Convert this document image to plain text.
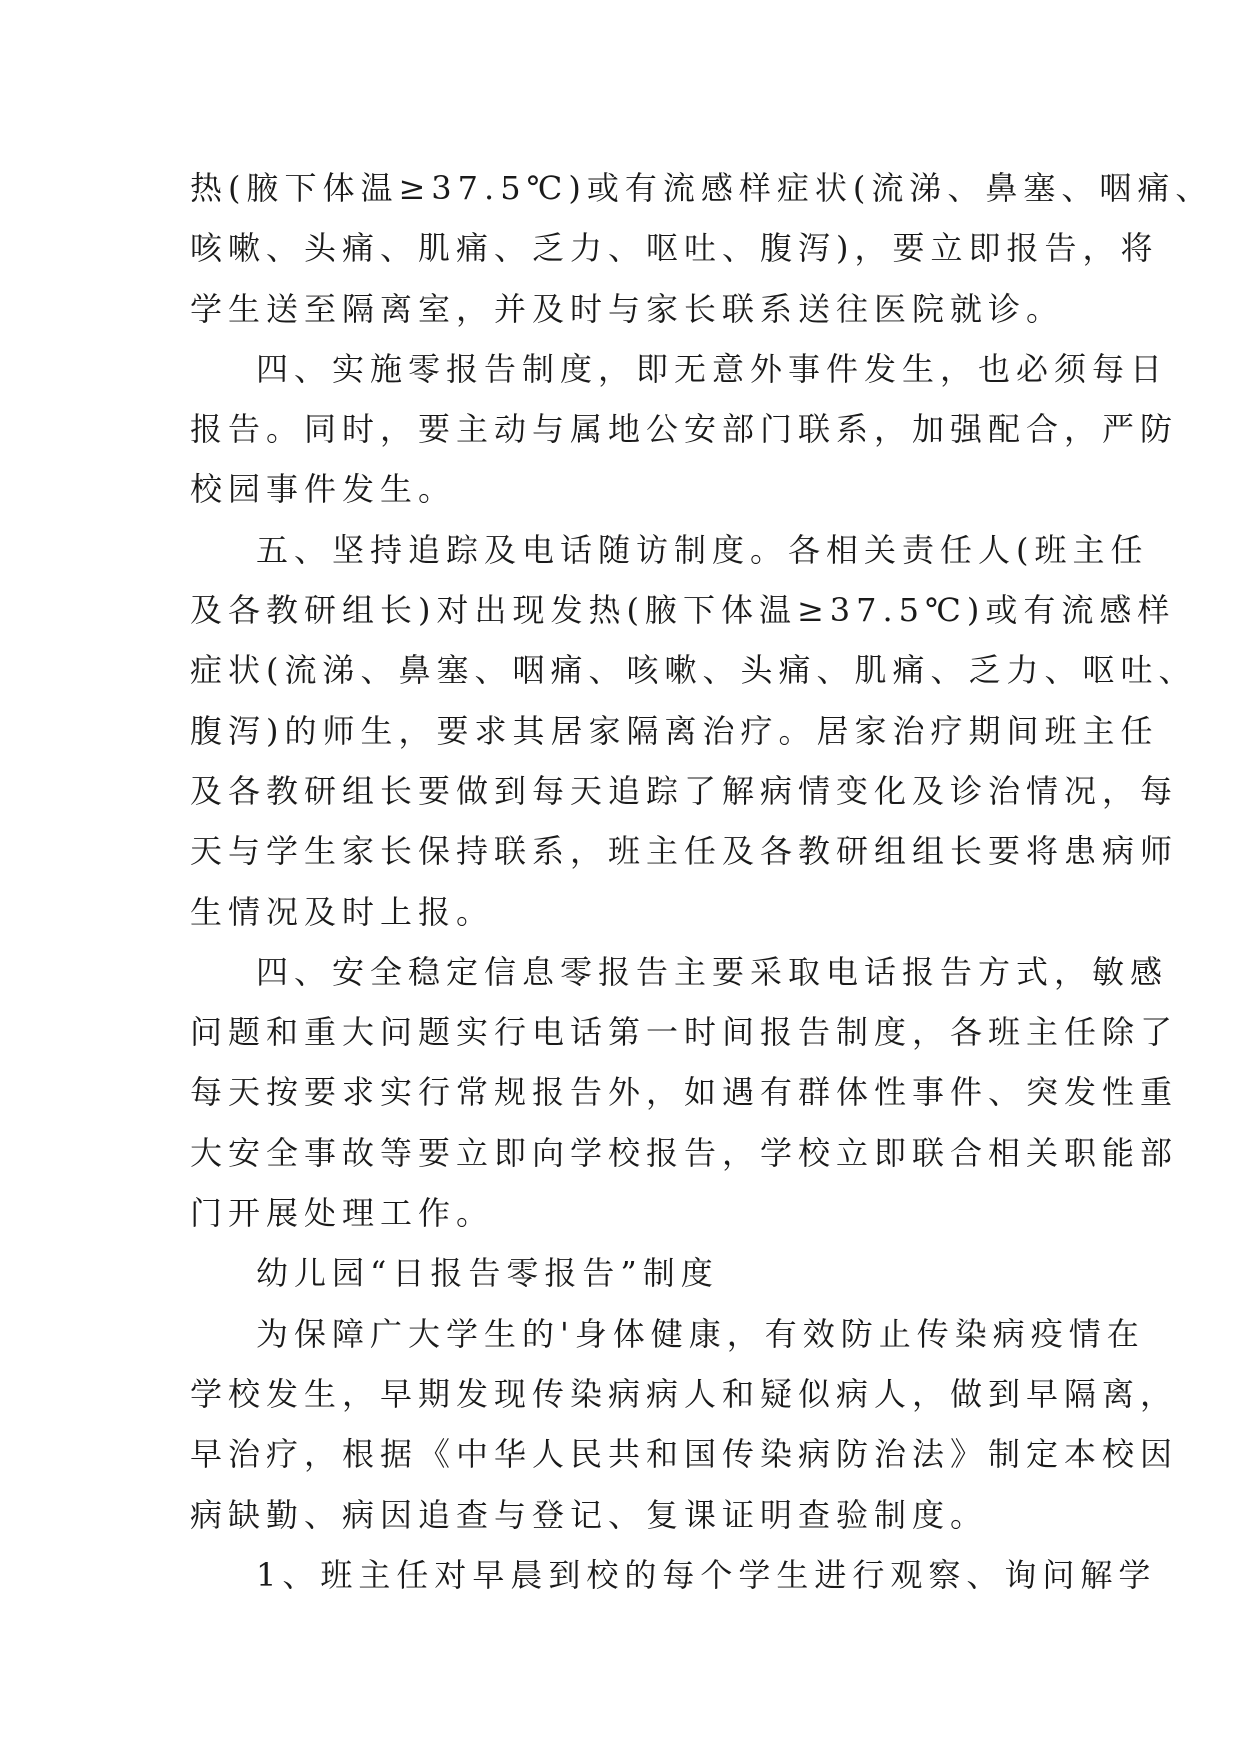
热(腋下体温≥37.5℃)或有流感样症状(流涕、鼻塞、咽痛、
咳嗽、头痛、肌痛、乏力、呕吐、腹泻)，要立即报告，将
学生送至隔离室，并及时与家长联系送往医院就诊。
四、实施零报告制度，即无意外事件发生，也必须每日
报告。同时，要主动与属地公安部门联系，加强配合，严防
校园事件发生。
五、坚持追踪及电话随访制度。各相关责任人(班主任
及各教研组长)对出现发热(腋下体温≥37.5℃)或有流感样
症状(流涕、鼻塞、咽痛、咳嗽、头痛、肌痛、乏力、呕吐、
腹泻)的师生，要求其居家隔离治疗。居家治疗期间班主任
及各教研组长要做到每天追踪了解病情变化及诊治情况，每
天与学生家长保持联系，班主任及各教研组组长要将患病师
生情况及时上报。
四、安全稳定信息零报告主要采取电话报告方式，敏感
问题和重大问题实行电话第一时间报告制度，各班主任除了
每天按要求实行常规报告外，如遇有群体性事件、突发性重
大安全事故等要立即向学校报告，学校立即联合相关职能部
门开展处理工作。
幼儿园“日报告零报告”制度
为保障广大学生的'身体健康，有效防止传染病疫情在
学校发生，早期发现传染病病人和疑似病人，做到早隔离，
早治疗，根据《中华人民共和国传染病防治法》制定本校因
病缺勤、病因追查与登记、复课证明查验制度。
1、班主任对早晨到校的每个学生进行观察、询问解学
